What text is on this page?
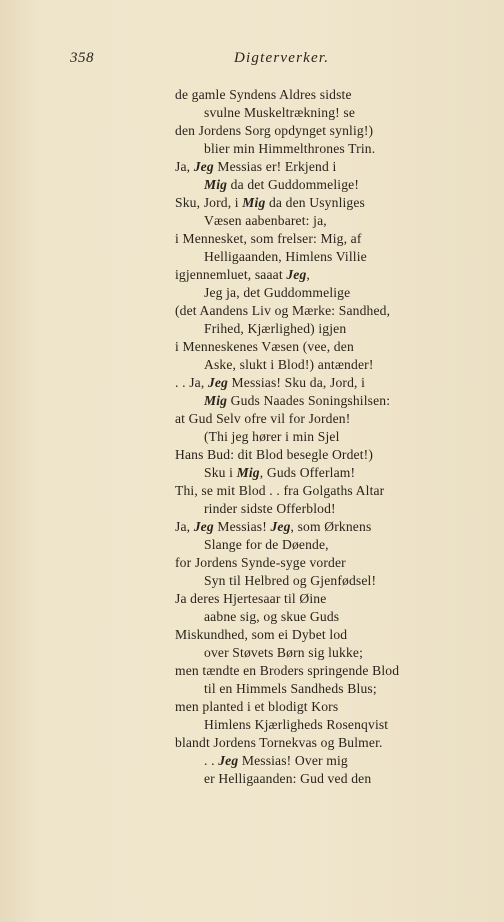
358	Digterverker.
de gamle Syndens Aldres sidste
svulne Muskeltrækning! se
den Jordens Sorg opdynget synlig!)
blier min Himmelthrones Trin.
Ja, Jeg Messias er! Erkjend i
Mig da det Guddommelige!
Sku, Jord, i Mig da den Usynliges
Væsen aabenbaret: ja,
i Mennesket, som frelser: Mig, af
Helligaanden, Himlens Villie
igjennemluet, saaat Jeg,
Jeg ja, det Guddommelige
(det Aandens Liv og Mærke: Sandhed,
Frihed, Kjærlighed) igjen
i Menneskenes Væsen (vee, den
Aske, slukt i Blod!) antænder!
. . Ja, Jeg Messias! Sku da, Jord, i
Mig Guds Naades Soningshilsen:
at Gud Selv ofre vil for Jorden!
(Thi jeg hører i min Sjel
Hans Bud: dit Blod besegle Ordet!)
Sku i Mig, Guds Offerlam!
Thi, se mit Blod . . fra Golgaths Altar
rinder sidste Offerblod!
Ja, Jeg Messias! Jeg, som Ørknens
Slange for de Døende,
for Jordens Synde-syge vorder
Syn til Helbred og Gjenfødsel!
Ja deres Hjertesaar til Øine
aabne sig, og skue Guds
Miskundhed, som ei Dybet lod
over Støvets Børn sig lukke;
men tændte en Broders springende Blod
til en Himmels Sandheds Blus;
men planted i et blodigt Kors
Himlens Kjærligheds Rosenqvist
blandt Jordens Tornekvas og Bulmer.
. . Jeg Messias! Over mig
er Helligaanden: Gud ved den
